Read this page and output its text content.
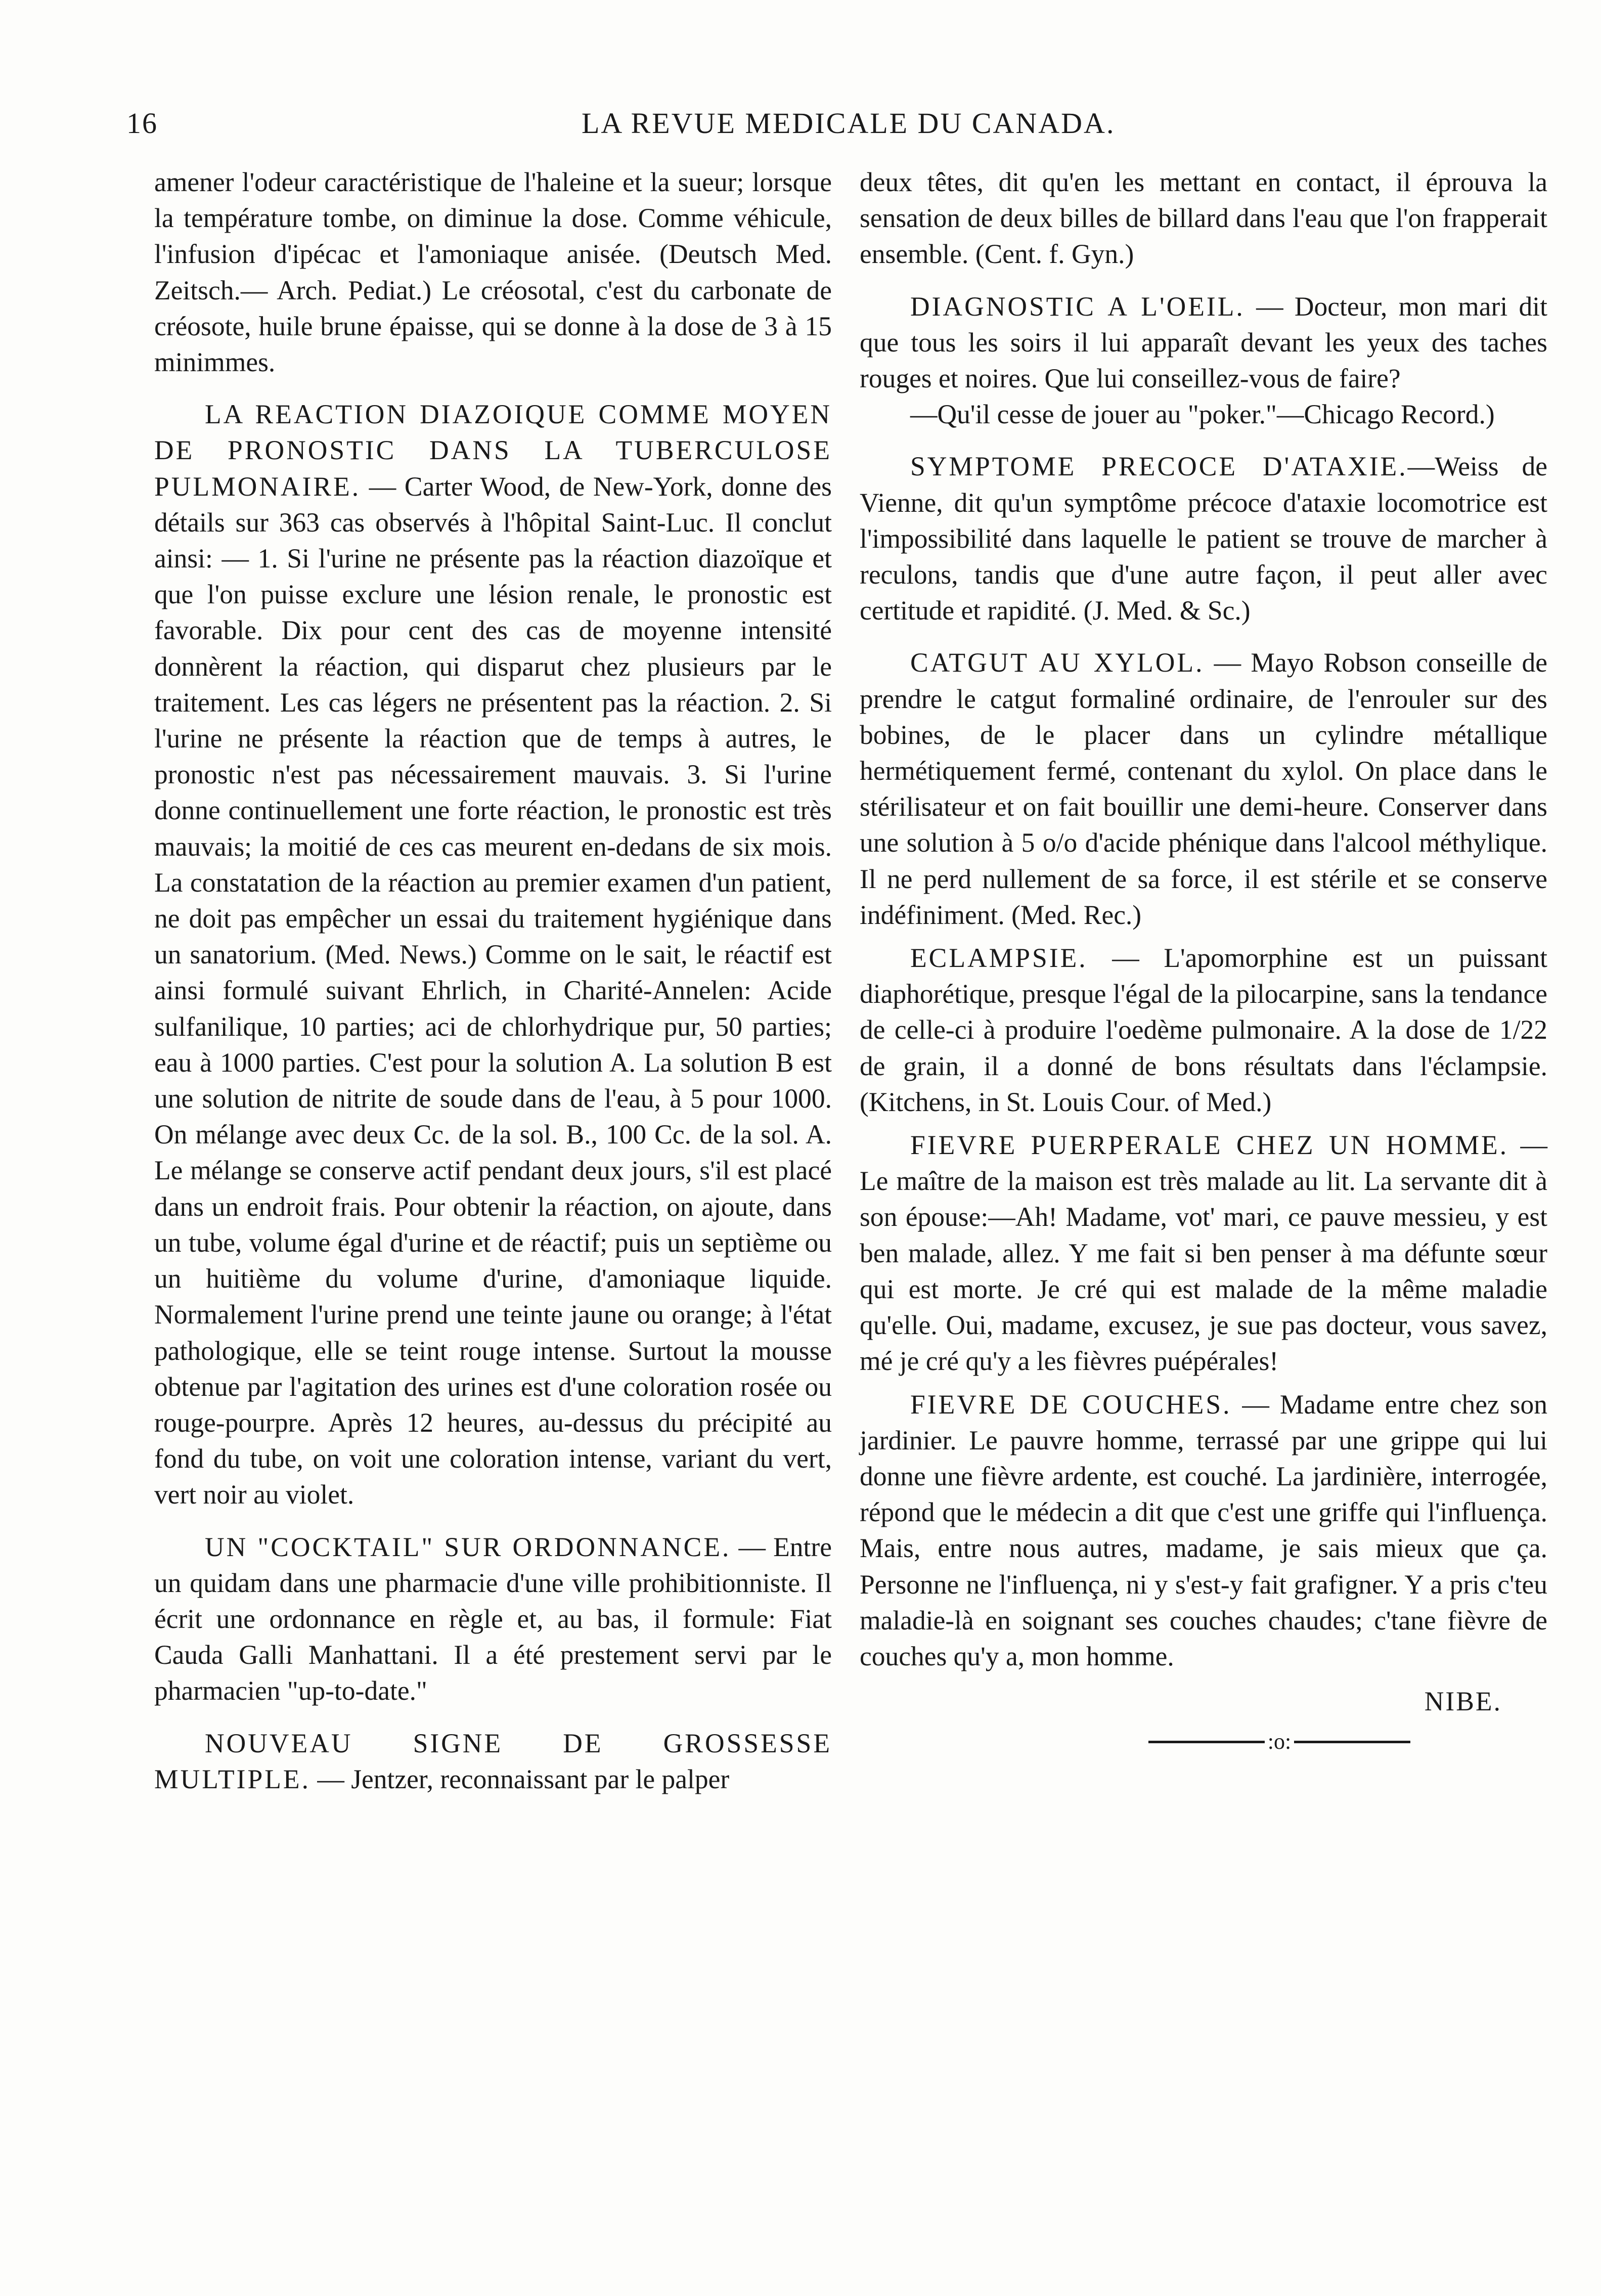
16	LA REVUE MEDICALE DU CANADA.

amener l'odeur caractéristique de l'haleine et la sueur; lorsque la température tombe, on diminue la dose. Comme véhicule, l'infusion d'ipécac et l'amoniaque anisée. (Deutsch Med. Zeitsch.— Arch. Pediat.) Le créosotal, c'est du carbonate de créosote, huile brune épaisse, qui se donne à la dose de 3 à 15 minimmes.

LA REACTION DIAZOIQUE COMME MOYEN DE PRONOSTIC DANS LA TUBERCULOSE PULMONAIRE. — Carter Wood, de New-York, donne des détails sur 363 cas observés à l'hôpital Saint-Luc. Il conclut ainsi: — 1. Si l'urine ne présente pas la réaction diazoïque et que l'on puisse exclure une lésion renale, le pronostic est favorable. Dix pour cent des cas de moyenne intensité donnèrent la réaction, qui disparut chez plusieurs par le traitement. Les cas légers ne présentent pas la réaction. 2. Si l'urine ne présente la réaction que de temps à autres, le pronostic n'est pas nécessairement mauvais. 3. Si l'urine donne continuellement une forte réaction, le pronostic est très mauvais; la moitié de ces cas meurent en-dedans de six mois. La constatation de la réaction au premier examen d'un patient, ne doit pas empêcher un essai du traitement hygiénique dans un sanatorium. (Med. News.) Comme on le sait, le réactif est ainsi formulé suivant Ehrlich, in Charité-Annelen: Acide sulfanilique, 10 parties; aci de chlorhydrique pur, 50 parties; eau à 1000 parties. C'est pour la solution A. La solution B est une solution de nitrite de soude dans de l'eau, à 5 pour 1000. On mélange avec deux Cc. de la sol. B., 100 Cc. de la sol. A. Le mélange se conserve actif pendant deux jours, s'il est placé dans un endroit frais. Pour obtenir la réaction, on ajoute, dans un tube, volume égal d'urine et de réactif; puis un septième ou un huitième du volume d'urine, d'amoniaque liquide. Normalement l'urine prend une teinte jaune ou orange; à l'état pathologique, elle se teint rouge intense. Surtout la mousse obtenue par l'agitation des urines est d'une coloration rosée ou rouge-pourpre. Après 12 heures, au-dessus du précipité au fond du tube, on voit une coloration intense, variant du vert, vert noir au violet.

UN "COCKTAIL" SUR ORDONNANCE. — Entre un quidam dans une pharmacie d'une ville prohibitionniste. Il écrit une ordonnance en règle et, au bas, il formule: Fiat Cauda Galli Manhattani. Il a été prestement servi par le pharmacien "up-to-date."

NOUVEAU SIGNE DE GROSSESSE MULTIPLE. — Jentzer, reconnaissant par le palper

deux têtes, dit qu'en les mettant en contact, il éprouva la sensation de deux billes de billard dans l'eau que l'on frapperait ensemble. (Cent. f. Gyn.)

DIAGNOSTIC A L'OEIL. — Docteur, mon mari dit que tous les soirs il lui apparaît devant les yeux des taches rouges et noires. Que lui conseillez-vous de faire?

—Qu'il cesse de jouer au "poker."—Chicago Record.)

SYMPTOME PRECOCE D'ATAXIE.—Weiss de Vienne, dit qu'un symptôme précoce d'ataxie locomotrice est l'impossibilité dans laquelle le patient se trouve de marcher à reculons, tandis que d'une autre façon, il peut aller avec certitude et rapidité. (J. Med. & Sc.)

CATGUT AU XYLOL. — Mayo Robson conseille de prendre le catgut formaliné ordinaire, de l'enrouler sur des bobines, de le placer dans un cylindre métallique hermétiquement fermé, contenant du xylol. On place dans le stérilisateur et on fait bouillir une demi-heure. Conserver dans une solution à 5 o/o d'acide phénique dans l'alcool méthylique. Il ne perd nullement de sa force, il est stérile et se conserve indéfiniment. (Med. Rec.)

ECLAMPSIE. — L'apomorphine est un puissant diaphorétique, presque l'égal de la pilocarpine, sans la tendance de celle-ci à produire l'oedème pulmonaire. A la dose de 1/22 de grain, il a donné de bons résultats dans l'éclampsie. (Kitchens, in St. Louis Cour. of Med.)

FIEVRE PUERPERALE CHEZ UN HOMME. — Le maître de la maison est très malade au lit. La servante dit à son épouse:—Ah! Madame, vot' mari, ce pauve messieu, y est ben malade, allez. Y me fait si ben penser à ma défunte sœur qui est morte. Je cré qui est malade de la même maladie qu'elle. Oui, madame, excusez, je sue pas docteur, vous savez, mé je cré qu'y a les fièvres puépérales!

FIEVRE DE COUCHES. — Madame entre chez son jardinier. Le pauvre homme, terrassé par une grippe qui lui donne une fièvre ardente, est couché. La jardinière, interrogée, répond que le médecin a dit que c'est une griffe qui l'influença. Mais, entre nous autres, madame, je sais mieux que ça. Personne ne l'influença, ni y s'est-y fait grafigner. Y a pris c'teu maladie-là en soignant ses couches chaudes; c'tane fièvre de couches qu'y a, mon homme.

NIBE.

:o:
